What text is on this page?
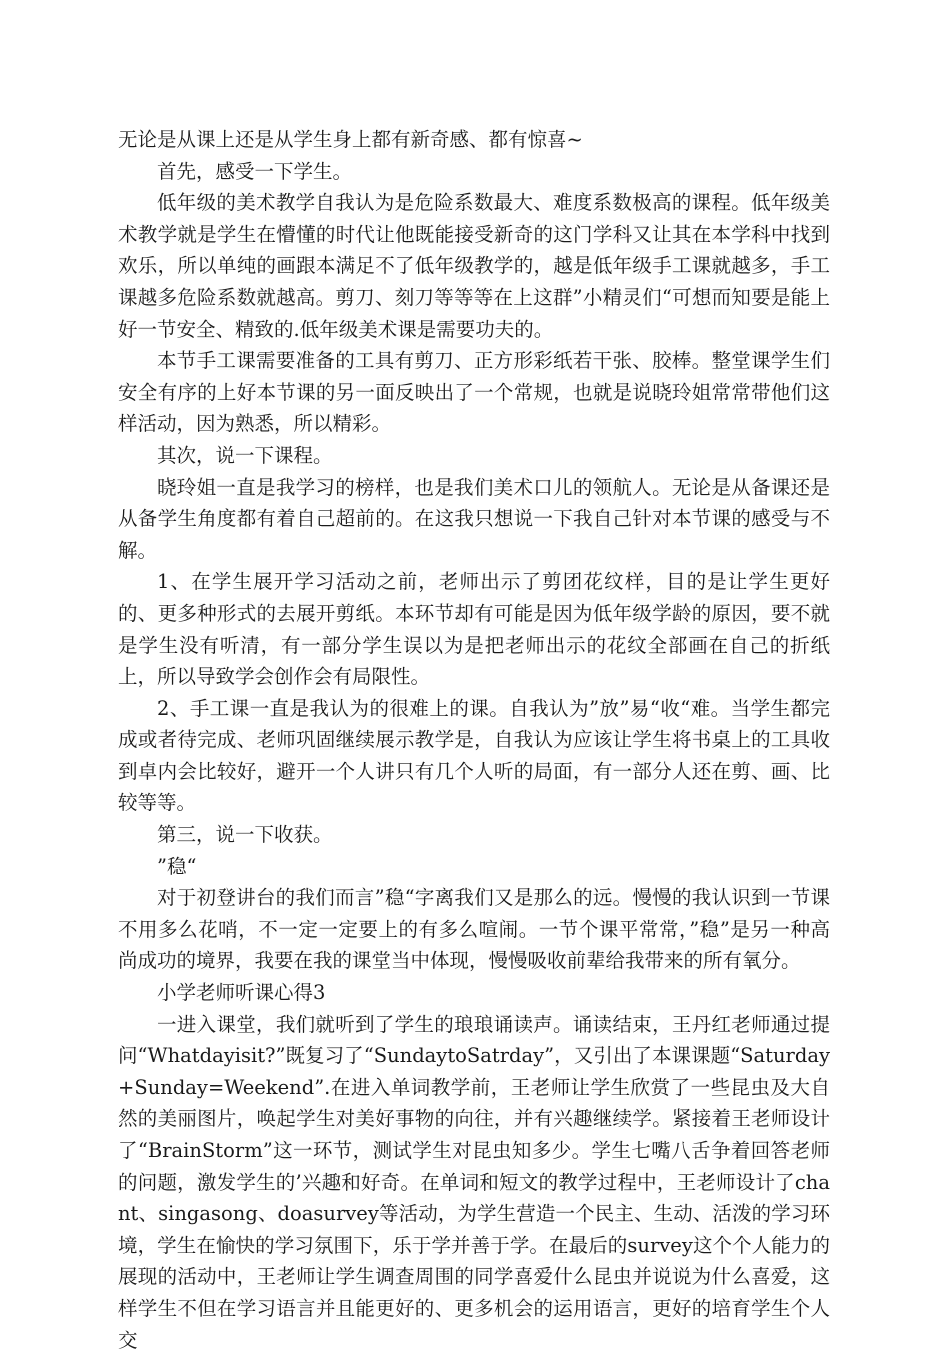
无论是从课上还是从学生身上都有新奇感、都有惊喜~

首先，感受一下学生。

低年级的美术教学自我认为是危险系数最大、难度系数极高的课程。低年级美术教学就是学生在懵懂的时代让他既能接受新奇的这门学科又让其在本学科中找到欢乐，所以单纯的画跟本满足不了低年级教学的，越是低年级手工课就越多，手工课越多危险系数就越高。剪刀、刻刀等等等在上这群”小精灵们“可想而知要是能上好一节安全、精致的.低年级美术课是需要功夫的。

本节手工课需要准备的工具有剪刀、正方形彩纸若干张、胶棒。整堂课学生们安全有序的上好本节课的另一面反映出了一个常规，也就是说晓玲姐常常带他们这样活动，因为熟悉，所以精彩。

其次，说一下课程。

晓玲姐一直是我学习的榜样，也是我们美术口儿的领航人。无论是从备课还是从备学生角度都有着自己超前的。在这我只想说一下我自己针对本节课的感受与不解。

1、在学生展开学习活动之前，老师出示了剪团花纹样，目的是让学生更好的、更多种形式的去展开剪纸。本环节却有可能是因为低年级学龄的原因，要不就是学生没有听清，有一部分学生误以为是把老师出示的花纹全部画在自己的折纸上，所以导致学会创作会有局限性。

2、手工课一直是我认为的很难上的课。自我认为”放”易“收“难。当学生都完成或者待完成、老师巩固继续展示教学是，自我认为应该让学生将书桌上的工具收到卓内会比较好，避开一个人讲只有几个人听的局面，有一部分人还在剪、画、比较等等。

第三，说一下收获。

”稳“

对于初登讲台的我们而言”稳“字离我们又是那么的远。慢慢的我认识到一节课不用多么花哨，不一定一定要上的有多么喧闹。一节个课平常常，”稳”是另一种高尚成功的境界，我要在我的课堂当中体现，慢慢吸收前辈给我带来的所有氧分。

小学老师听课心得3

一进入课堂，我们就听到了学生的琅琅诵读声。诵读结束，王丹红老师通过提问“Whatdayisit?”既复习了“SundaytoSatrday”，又引出了本课课题“Saturday+Sunday=Weekend”.在进入单词教学前，王老师让学生欣赏了一些昆虫及大自然的美丽图片，唤起学生对美好事物的向往，并有兴趣继续学。紧接着王老师设计了“BrainStorm”这一环节，测试学生对昆虫知多少。学生七嘴八舌争着回答老师的问题，激发学生的’兴趣和好奇。在单词和短文的教学过程中，王老师设计了chant、singasong、doasurvey等活动，为学生营造一个民主、生动、活泼的学习环境，学生在愉快的学习氛围下，乐于学并善于学。在最后的survey这个个人能力的展现的活动中，王老师让学生调查周围的同学喜爱什么昆虫并说说为什么喜爱，这样学生不但在学习语言并且能更好的、更多机会的运用语言，更好的培育学生个人交
